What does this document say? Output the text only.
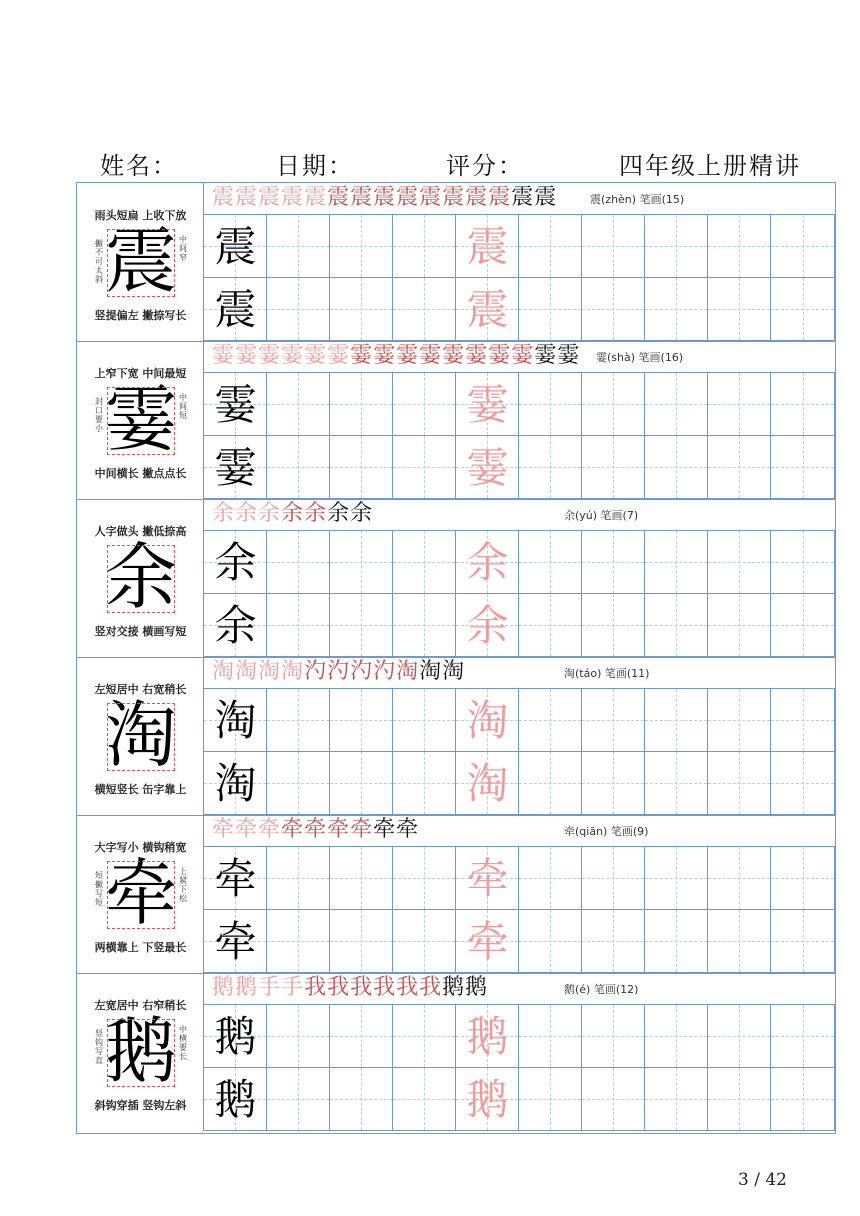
姓名：	日期：	评分：	四年级上册精讲
雨头短扁 上收下放
震
撇不可太斜
中间窄
竖提偏左 撇捺写长
震震震震震震震震震震震震震震震	震(zhèn) 笔画(15)
震	震
震	震
上窄下宽 中间最短
霎
封口要小
中间短
中间横长 撇点点长
霎霎霎霎霎霎霎霎霎霎霎霎霎霎霎霎 霎(shà) 笔画(16)
霎	霎
霎	霎
人字做头 撇低捺高
余
竖对交接 横画写短
余余余余余余余	余(yú) 笔画(7)
余	余
余	余
左短居中 右宽稍长
淘
横短竖长 缶字靠上
淘淘淘淘汋汋汋汋淘淘淘	淘(táo) 笔画(11)
淘	淘
淘	淘
大字写小 横钩稍宽
牵
短撇写短
上紧下松
两横靠上 下竖最长
牵牵牵牵牵牵牵牵牵	牵(qiān) 笔画(9)
牵	牵
牵	牵
左宽居中 右窄稍长
鹅
竖钩写直
中横要长
斜钩穿插 竖钩左斜
鹅鹅手手我我我我我我鹅鹅	鹅(é) 笔画(12)
鹅	鹅
鹅	鹅
3 / 42
